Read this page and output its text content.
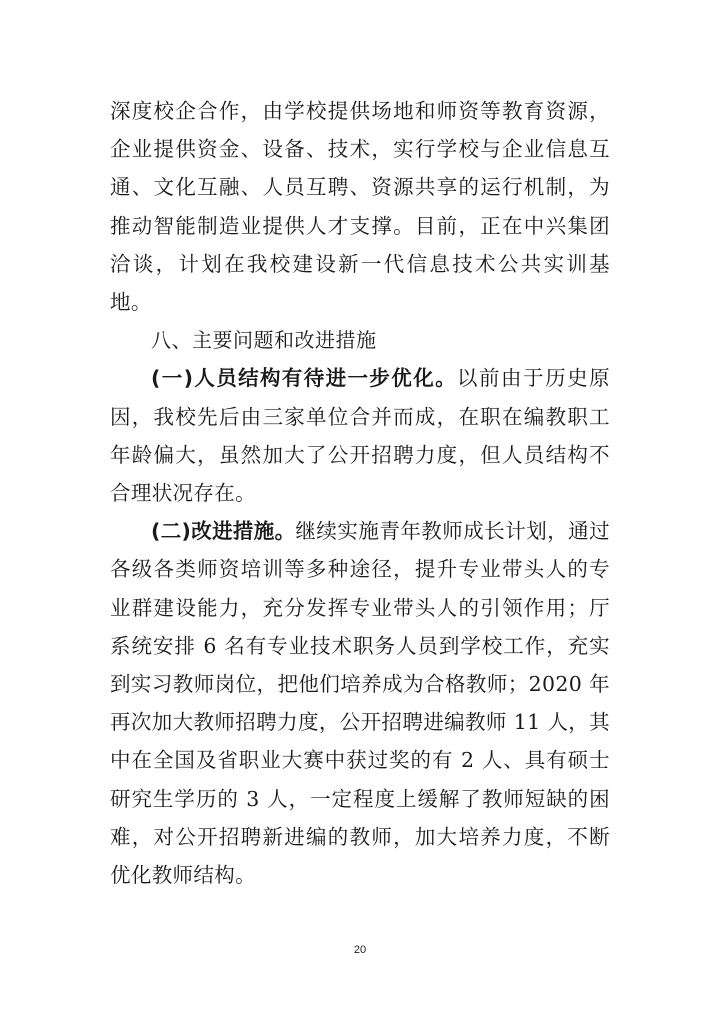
深度校企合作，由学校提供场地和师资等教育资源，企业提供资金、设备、技术，实行学校与企业信息互通、文化互融、人员互聘、资源共享的运行机制，为推动智能制造业提供人才支撑。目前，正在中兴集团洽谈，计划在我校建设新一代信息技术公共实训基地。

八、主要问题和改进措施

(一)人员结构有待进一步优化。以前由于历史原因，我校先后由三家单位合并而成，在职在编教职工年龄偏大，虽然加大了公开招聘力度，但人员结构不合理状况存在。

(二)改进措施。继续实施青年教师成长计划，通过各级各类师资培训等多种途径，提升专业带头人的专业群建设能力，充分发挥专业带头人的引领作用；厅系统安排 6 名有专业技术职务人员到学校工作，充实到实习教师岗位，把他们培养成为合格教师；2020 年再次加大教师招聘力度，公开招聘进编教师 11 人，其中在全国及省职业大赛中获过奖的有 2 人、具有硕士研究生学历的 3 人，一定程度上缓解了教师短缺的困难，对公开招聘新进编的教师，加大培养力度，不断优化教师结构。

20
